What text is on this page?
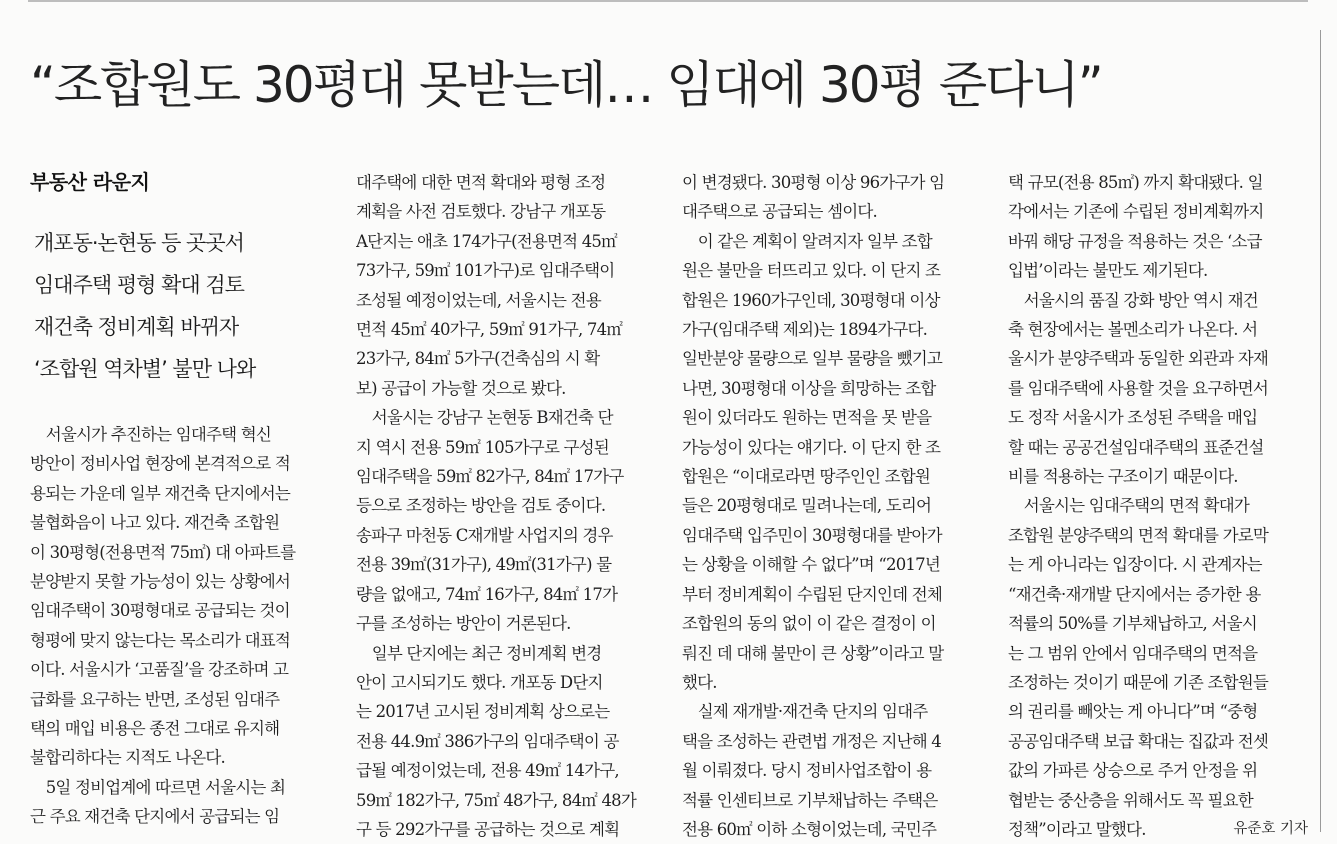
“조합원도 30평대 못받는데… 임대에 30평 준다니”
부동산 라운지
개포동·논현동 등 곳곳서
임대주택 평형 확대 검토
재건축 정비계획 바뀌자
‘조합원 역차별’ 불만 나와
　서울시가 추진하는 임대주택 혁신
방안이 정비사업 현장에 본격적으로 적
용되는 가운데 일부 재건축 단지에서는
불협화음이 나고 있다. 재건축 조합원
이 30평형(전용면적 75㎡) 대 아파트를
분양받지 못할 가능성이 있는 상황에서
임대주택이 30평형대로 공급되는 것이
형평에 맞지 않는다는 목소리가 대표적
이다. 서울시가 ‘고품질’을 강조하며 고
급화를 요구하는 반면, 조성된 임대주
택의 매입 비용은 종전 그대로 유지해
불합리하다는 지적도 나온다.
　5일 정비업계에 따르면 서울시는 최
근 주요 재건축 단지에서 공급되는 임
대주택에 대한 면적 확대와 평형 조정
계획을 사전 검토했다. 강남구 개포동
A단지는 애초 174가구(전용면적 45㎡
73가구, 59㎡ 101가구)로 임대주택이
조성될 예정이었는데, 서울시는 전용
면적 45㎡ 40가구, 59㎡ 91가구, 74㎡
23가구, 84㎡ 5가구(건축심의 시 확
보) 공급이 가능할 것으로 봤다.
　서울시는 강남구 논현동 B재건축 단
지 역시 전용 59㎡ 105가구로 구성된
임대주택을 59㎡ 82가구, 84㎡ 17가구
등으로 조정하는 방안을 검토 중이다.
송파구 마천동 C재개발 사업지의 경우
전용 39㎡(31가구), 49㎡(31가구) 물
량을 없애고, 74㎡ 16가구, 84㎡ 17가
구를 조성하는 방안이 거론된다.
　일부 단지에는 최근 정비계획 변경
안이 고시되기도 했다. 개포동 D단지
는 2017년 고시된 정비계획 상으로는
전용 44.9㎡ 386가구의 임대주택이 공
급될 예정이었는데, 전용 49㎡ 14가구,
59㎡ 182가구, 75㎡ 48가구, 84㎡ 48가
구 등 292가구를 공급하는 것으로 계획
이 변경됐다. 30평형 이상 96가구가 임
대주택으로 공급되는 셈이다.
　이 같은 계획이 알려지자 일부 조합
원은 불만을 터뜨리고 있다. 이 단지 조
합원은 1960가구인데, 30평형대 이상
가구(임대주택 제외)는 1894가구다.
일반분양 물량으로 일부 물량을 뺐기고
나면, 30평형대 이상을 희망하는 조합
원이 있더라도 원하는 면적을 못 받을
가능성이 있다는 얘기다. 이 단지 한 조
합원은 “이대로라면 땅주인인 조합원
들은 20평형대로 밀려나는데, 도리어
임대주택 입주민이 30평형대를 받아가
는 상황을 이해할 수 없다”며 “2017년
부터 정비계획이 수립된 단지인데 전체
조합원의 동의 없이 이 같은 결정이 이
뤄진 데 대해 불만이 큰 상황”이라고 말
했다.
　실제 재개발·재건축 단지의 임대주
택을 조성하는 관련법 개정은 지난해 4
월 이뤄졌다. 당시 정비사업조합이 용
적률 인센티브로 기부채납하는 주택은
전용 60㎡ 이하 소형이었는데, 국민주
택 규모(전용 85㎡) 까지 확대됐다. 일
각에서는 기존에 수립된 정비계획까지
바꿔 해당 규정을 적용하는 것은 ‘소급
입법’이라는 불만도 제기된다.
　서울시의 품질 강화 방안 역시 재건
축 현장에서는 볼멘소리가 나온다. 서
울시가 분양주택과 동일한 외관과 자재
를 임대주택에 사용할 것을 요구하면서
도 정작 서울시가 조성된 주택을 매입
할 때는 공공건설임대주택의 표준건설
비를 적용하는 구조이기 때문이다.
　서울시는 임대주택의 면적 확대가
조합원 분양주택의 면적 확대를 가로막
는 게 아니라는 입장이다. 시 관계자는
“재건축·재개발 단지에서는 증가한 용
적률의 50%를 기부채납하고, 서울시
는 그 범위 안에서 임대주택의 면적을
조정하는 것이기 때문에 기존 조합원들
의 권리를 빼앗는 게 아니다”며 “중형
공공임대주택 보급 확대는 집값과 전셋
값의 가파른 상승으로 주거 안정을 위
협받는 중산층을 위해서도 꼭 필요한
유준호 기자
정책”이라고 말했다.
